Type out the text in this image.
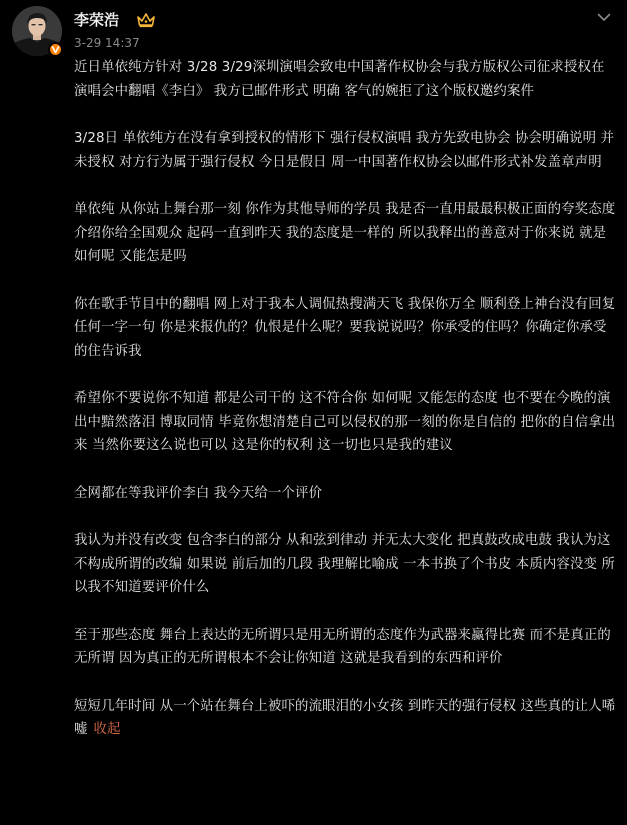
李荣浩
3-29 14:37

近日单依纯方针对 3/28 3/29深圳演唱会致电中国著作权协会与我方版权公司征求授权在演唱会中翻唱《李白》 我方已邮件形式 明确 客气的婉拒了这个版权邀约案件

3/28日 单依纯方在没有拿到授权的情形下 强行侵权演唱 我方先致电协会 协会明确说明 并未授权 对方行为属于强行侵权 今日是假日 周一中国著作权协会以邮件形式补发盖章声明

单依纯 从你站上舞台那一刻 你作为其他导师的学员 我是否一直用最最积极正面的夸奖态度介绍你给全国观众 起码一直到昨天 我的态度是一样的 所以我释出的善意对于你来说 就是 如何呢 又能怎是吗

你在歌手节目中的翻唱 网上对于我本人调侃热搜满天飞 我保你万全 顺利登上神台没有回复任何一字一句 你是来报仇的？仇恨是什么呢？要我说说吗？你承受的住吗？你确定你承受的住告诉我

希望你不要说你不知道 都是公司干的 这不符合你 如何呢 又能怎的态度 也不要在今晚的演出中黯然落泪 博取同情 毕竟你想清楚自己可以侵权的那一刻的你是自信的 把你的自信拿出来 当然你要这么说也可以 这是你的权利 这一切也只是我的建议

全网都在等我评价李白 我今天给一个评价

我认为并没有改变 包含李白的部分 从和弦到律动 并无太大变化 把真鼓改成电鼓 我认为这不构成所谓的改编 如果说 前后加的几段 我理解比喻成 一本书换了个书皮 本质内容没变 所以我不知道要评价什么

至于那些态度 舞台上表达的无所谓只是用无所谓的态度作为武器来赢得比赛 而不是真正的无所谓 因为真正的无所谓根本不会让你知道 这就是我看到的东西和评价

短短几年时间 从一个站在舞台上被吓的流眼泪的小女孩 到昨天的强行侵权 这些真的让人唏嘘 收起
